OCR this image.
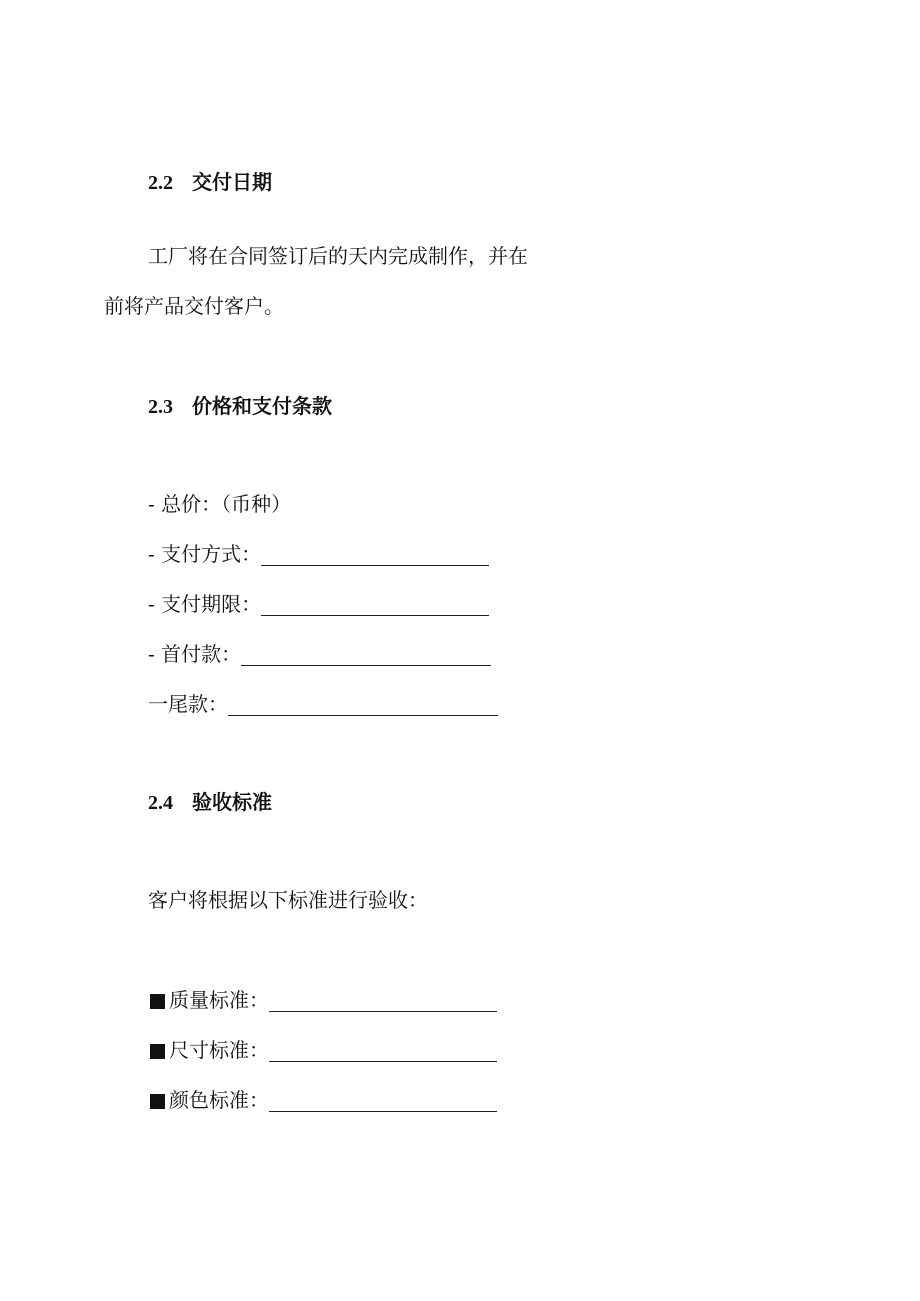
2.2 交付日期
工厂将在合同签订后的天内完成制作，并在
前将产品交付客户。
2.3 价格和支付条款
- 总价：（币种）
- 支付方式：
- 支付期限：
- 首付款：
一尾款：
2.4 验收标准
客户将根据以下标准进行验收：
质量标准：
尺寸标准：
颜色标准：
